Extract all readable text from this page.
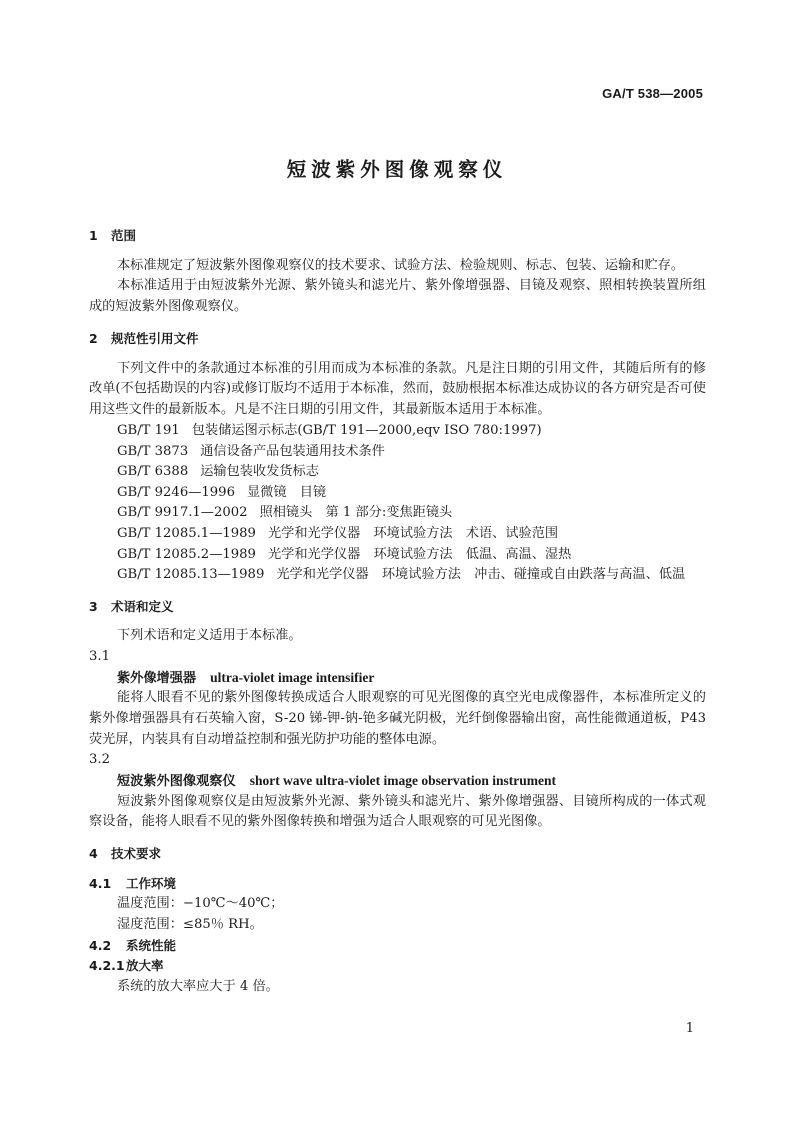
GA/T 538—2005
短波紫外图像观察仪
1 范围

本标准规定了短波紫外图像观察仪的技术要求、试验方法、检验规则、标志、包装、运输和贮存。

本标准适用于由短波紫外光源、紫外镜头和滤光片、紫外像增强器、目镜及观察、照相转换装置所组成的短波紫外图像观察仪。

2 规范性引用文件

下列文件中的条款通过本标准的引用而成为本标准的条款。凡是注日期的引用文件，其随后所有的修改单(不包括勘误的内容)或修订版均不适用于本标准，然而，鼓励根据本标准达成协议的各方研究是否可使用这些文件的最新版本。凡是不注日期的引用文件，其最新版本适用于本标准。

GB/T 191 包装储运图示标志(GB/T 191—2000,eqv ISO 780:1997)
GB/T 3873 通信设备产品包装通用技术条件
GB/T 6388 运输包装收发货标志
GB/T 9246—1996 显微镜　目镜
GB/T 9917.1—2002 照相镜头　第 1 部分:变焦距镜头
GB/T 12085.1—1989 光学和光学仪器　环境试验方法　术语、试验范围
GB/T 12085.2—1989 光学和光学仪器　环境试验方法　低温、高温、湿热
GB/T 12085.13—1989 光学和光学仪器　环境试验方法　冲击、碰撞或自由跌落与高温、低温
3 术语和定义
下列术语和定义适用于本标准。
3.1
紫外像增强器 ultra-violet image intensifier

能将人眼看不见的紫外图像转换成适合人眼观察的可见光图像的真空光电成像器件，本标准所定义的紫外像增强器具有石英输入窗，S-20 锑-钾-钠-铯多碱光阴极，光纤倒像器输出窗，高性能微通道板，P43 荧光屏，内装具有自动增益控制和强光防护功能的整体电源。

3.2
短波紫外图像观察仪 short wave ultra-violet image observation instrument

短波紫外图像观察仪是由短波紫外光源、紫外镜头和滤光片、紫外像增强器、目镜所构成的一体式观察设备，能将人眼看不见的紫外图像转换和增强为适合人眼观察的可见光图像。

4 技术要求
4.1 工作环境
温度范围：−10℃～40℃；
湿度范围：≤85％ RH。
4.2 系统性能
4.2.1放大率
系统的放大率应大于 4 倍。
1
